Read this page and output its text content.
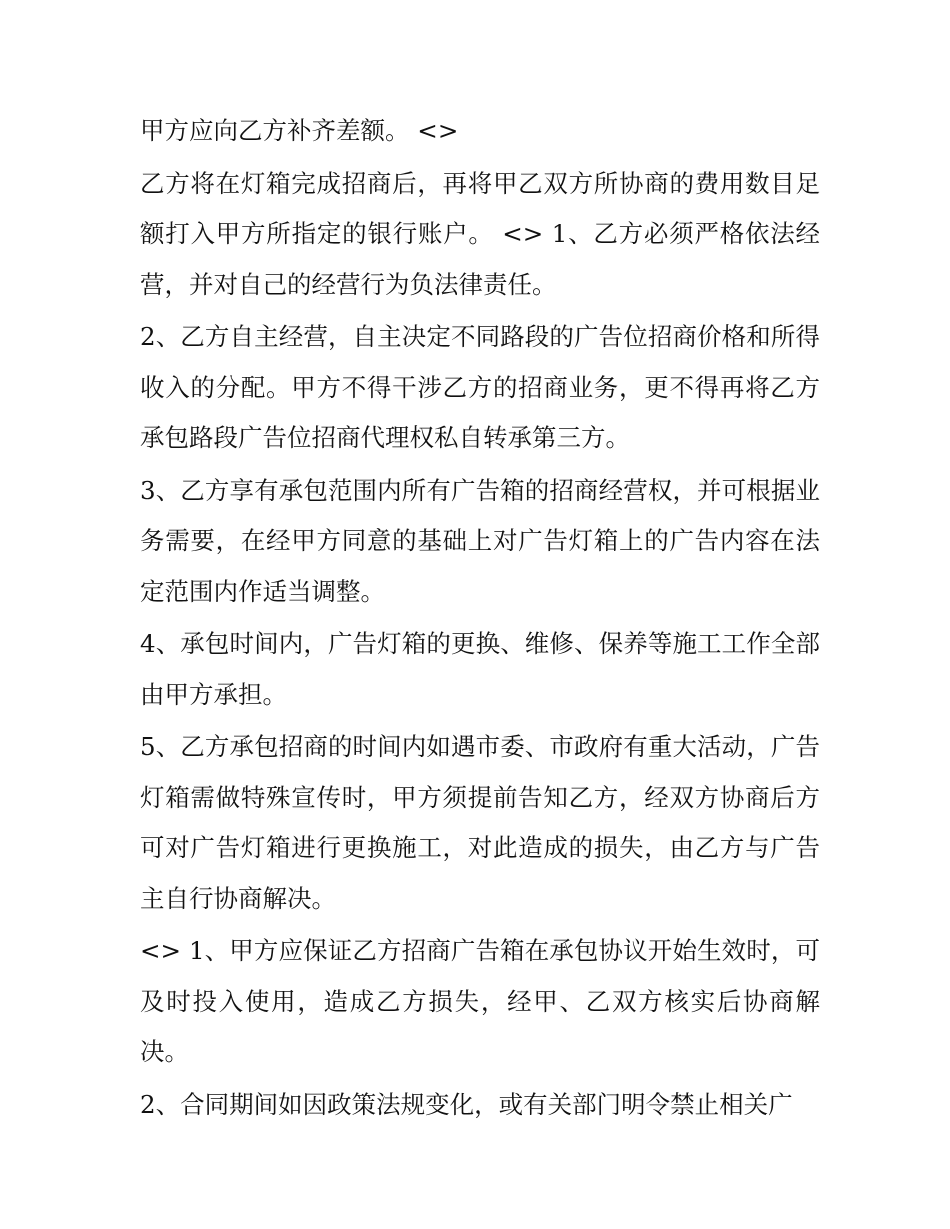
甲方应向乙方补齐差额。 <>

乙方将在灯箱完成招商后，再将甲乙双方所协商的费用数目足额打入甲方所指定的银行账户。 <> 1、乙方必须严格依法经营，并对自己的经营行为负法律责任。

2、乙方自主经营，自主决定不同路段的广告位招商价格和所得收入的分配。甲方不得干涉乙方的招商业务，更不得再将乙方承包路段广告位招商代理权私自转承第三方。

3、乙方享有承包范围内所有广告箱的招商经营权，并可根据业务需要，在经甲方同意的基础上对广告灯箱上的广告内容在法定范围内作适当调整。

4、承包时间内，广告灯箱的更换、维修、保养等施工工作全部由甲方承担。

5、乙方承包招商的时间内如遇市委、市政府有重大活动，广告灯箱需做特殊宣传时，甲方须提前告知乙方，经双方协商后方可对广告灯箱进行更换施工，对此造成的损失，由乙方与广告主自行协商解决。

<> 1、甲方应保证乙方招商广告箱在承包协议开始生效时，可及时投入使用，造成乙方损失，经甲、乙双方核实后协商解决。

2、合同期间如因政策法规变化，或有关部门明令禁止相关广
